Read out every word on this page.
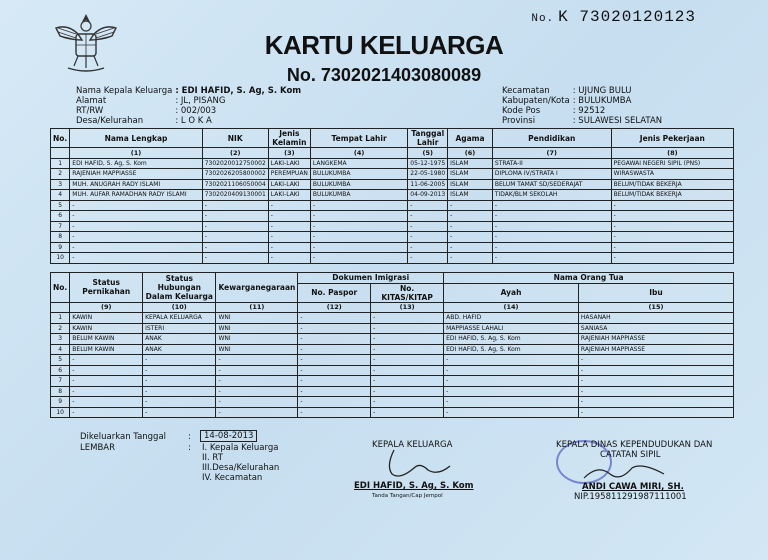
No. K 73020120123
KARTU KELUARGA
No. 7302021403080089
Nama Kepala Keluarga	: EDI HAFID, S. Ag, S. Kom
Alamat	: JL, PISANG
RT/RW	: 002/003
Desa/Kelurahan	: L O K A
Kecamatan	: UJUNG BULU
Kabupaten/Kota	: BULUKUMBA
Kode Pos	: 92512
Provinsi	: SULAWESI SELATAN
No.	Nama Lengkap	NIK	Jenis Kelamin	Tempat Lahir	Tanggal Lahir	Agama	Pendidikan	Jenis Pekerjaan
	(1)	(2)	(3)	(4)	(5)	(6)	(7)	(8)
1	EDI HAFID, S. Ag, S. Kom	7302020012750002	LAKI-LAKI	LANGKEMA	05-12-1975	ISLAM	STRATA-II	PEGAWAI NEGERI SIPIL (PNS)
2	RAJENIAH MAPPIASSE	7302026205800002	PEREMPUAN	BULUKUMBA	22-05-1980	ISLAM	DIPLOMA IV/STRATA I	WIRASWASTA
3	MUH. ANUGRAH RADY ISLAMI	7302021106050004	LAKI-LAKI	BULUKUMBA	11-06-2005	ISLAM	BELUM TAMAT SD/SEDERAJAT	BELUM/TIDAK BEKERJA
4	MUH. AUFAR RAMADHAN RADY ISLAMI	7302020409130001	LAKI-LAKI	BULUKUMBA	04-09-2013	ISLAM	TIDAK/BLM SEKOLAH	BELUM/TIDAK BEKERJA
5	-	-	-	-	-	-	-	-
6	-	-	-	-	-	-	-	-
7	-	-	-	-	-	-	-	-
8	-	-	-	-	-	-	-	-
9	-	-	-	-	-	-	-	-
10	-	-	-	-	-	-	-	-
No.	Status Pernikahan	Status Hubungan Dalam Keluarga	Kewarganegaraan	Dokumen Imigrasi		Nama Orang Tua	
				No. Paspor	No. KITAS/KITAP	Ayah	Ibu
	(9)	(10)	(11)	(12)	(13)	(14)	(15)
1	KAWIN	KEPALA KELUARGA	WNI	-	-	ABD. HAFID	HASANAH
2	KAWIN	ISTERI	WNI	-	-	MAPPIASSE LAHALI	SANIASA
3	BELUM KAWIN	ANAK	WNI	-	-	EDI HAFID, S. Ag, S. Kom	RAJENIAH MAPPIASSE
4	BELUM KAWIN	ANAK	WNI	-	-	EDI HAFID, S. Ag, S. Kom	RAJENIAH MAPPIASSE
5	-	-	-	-	-	-	-
6	-	-	-	-	-	-	-
7	-	-	-	-	-	-	-
8	-	-	-	-	-	-	-
9	-	-	-	-	-	-	-
10	-	-	-	-	-	-	-
Dikeluarkan Tanggal	:	14-08-2013
LEMBAR	: I. Kepala Keluarga
II. RT
III.Desa/Kelurahan
IV. Kecamatan
KEPALA KELUARGA
EDI HAFID, S. Ag, S. Kom
Tanda Tangan/Cap Jempol
KEPALA DINAS KEPENDUDUKAN DAN
CATATAN SIPIL
ANDI CAWA MIRI, SH.
NIP.195811291987111001
